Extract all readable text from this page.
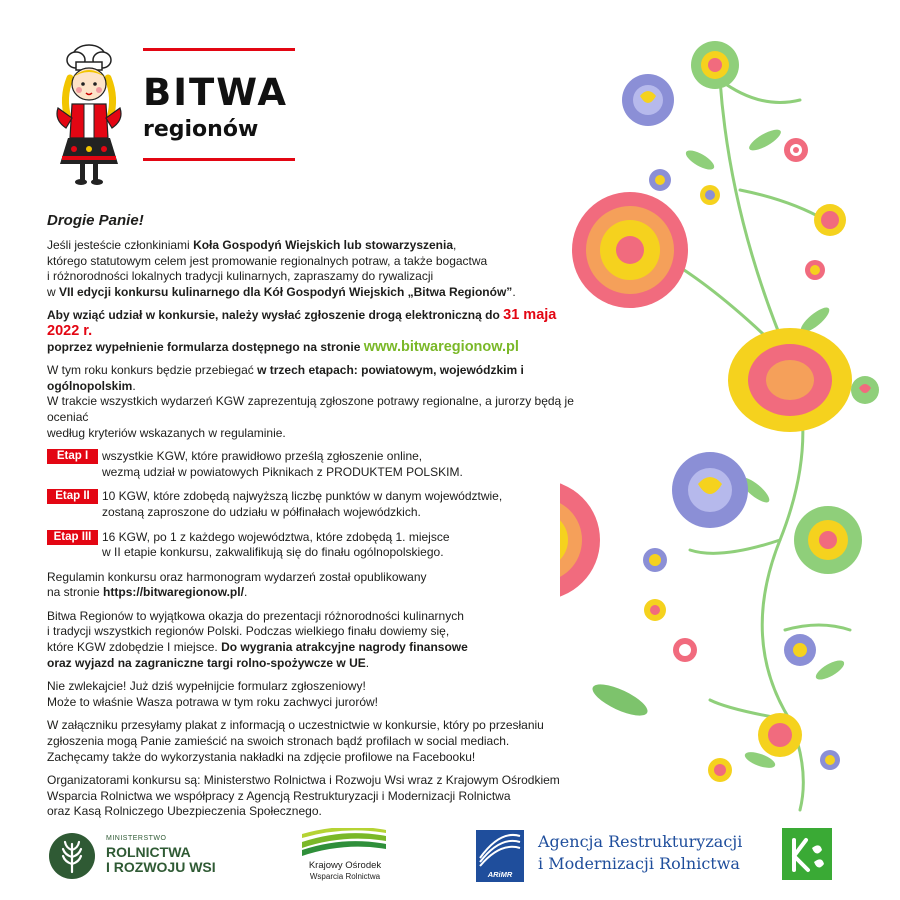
BITWA
regionów
Drogie Panie!

Jeśli jesteście członkiniami Koła Gospodyń Wiejskich lub stowarzyszenia,
którego statutowym celem jest promowanie regionalnych potraw, a także bogactwa
i różnorodności lokalnych tradycji kulinarnych, zapraszamy do rywalizacji
w VII edycji konkursu kulinarnego dla Kół Gospodyń Wiejskich „Bitwa Regionów”.

Aby wziąć udział w konkursie, należy wysłać zgłoszenie drogą elektroniczną do 31 maja 2022 r.
poprzez wypełnienie formularza dostępnego na stronie www.bitwaregionow.pl

W tym roku konkurs będzie przebiegać w trzech etapach: powiatowym, wojewódzkim i ogólnopolskim.
W trakcie wszystkich wydarzeń KGW zaprezentują zgłoszone potrawy regionalne, a jurorzy będą je oceniać
według kryteriów wskazanych w regulaminie.

Etap I	wszystkie KGW, które prawidłowo prześlą zgłoszenie online,
wezmą udział w powiatowych Piknikach z PRODUKTEM POLSKIM.
Etap II	10 KGW, które zdobędą najwyższą liczbę punktów w danym województwie,
zostaną zaproszone do udziału w półfinałach wojewódzkich.
Etap III 16 KGW, po 1 z każdego województwa, które zdobędą 1. miejsce
w II etapie konkursu, zakwalifikują się do finału ogólnopolskiego.

Regulamin konkursu oraz harmonogram wydarzeń został opublikowany
na stronie https://bitwaregionow.pl/.

Bitwa Regionów to wyjątkowa okazja do prezentacji różnorodności kulinarnych
i tradycji wszystkich regionów Polski. Podczas wielkiego finału dowiemy się,
które KGW zdobędzie I miejsce. Do wygrania atrakcyjne nagrody finansowe
oraz wyjazd na zagraniczne targi rolno-spożywcze w UE.

Nie zwlekajcie! Już dziś wypełnijcie formularz zgłoszeniowy!
Może to właśnie Wasza potrawa w tym roku zachwyci jurorów!

W załączniku przesyłamy plakat z informacją o uczestnictwie w konkursie, który po przesłaniu
zgłoszenia mogą Panie zamieścić na swoich stronach bądź profilach w social mediach.
Zachęcamy także do wykorzystania nakładki na zdjęcie profilowe na Facebooku!

Organizatorami konkursu są: Ministerstwo Rolnictwa i Rozwoju Wsi wraz z Krajowym Ośrodkiem
Wsparcia Rolnictwa we współpracy z Agencją Restrukturyzacji i Modernizacji Rolnictwa
oraz Kasą Rolniczego Ubezpieczenia Społecznego.

MINISTERSTWO
ROLNICTWA
I ROZWOJU WSI	Krajowy Ośrodek
Wsparcia Rolnictwa	ARiMR
Agencja Restrukturyzacji
i Modernizacji Rolnictwa
